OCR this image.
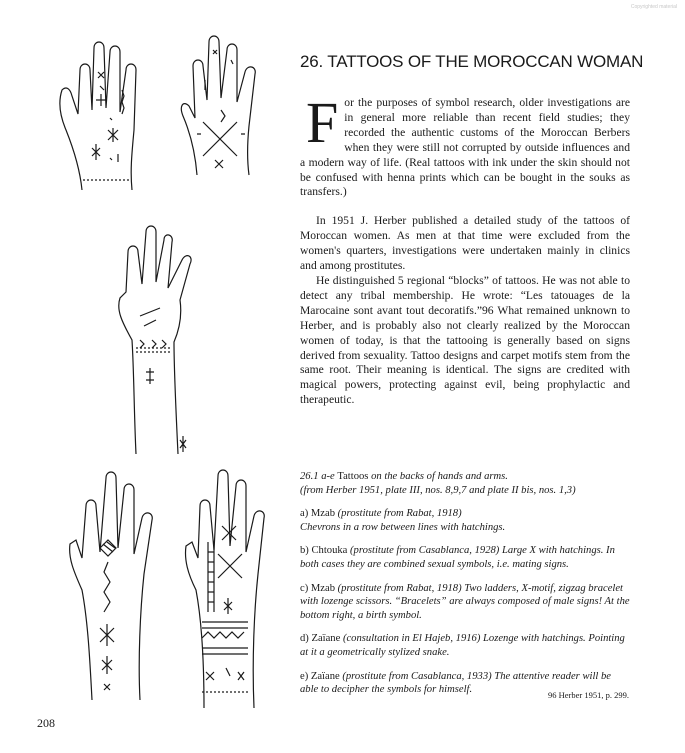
Copyrighted material
26. TATTOOS OF THE MOROCCAN WOMAN

F or the purposes of symbol research, older investigations are in general more reliable than recent field studies; they recorded the authentic customs of the Moroccan Berbers when they were still not corrupted by outside influences and a modern way of life. (Real tattoos with ink under the skin should not be confused with henna prints which can be bought in the souks as transfers.)

In 1951 J. Herber published a detailed study of the tattoos of Moroccan women. As men at that time were excluded from the women's quarters, investigations were undertaken mainly in clinics and among prostitutes.

He distinguished 5 regional “blocks” of tattoos. He was not able to detect any tribal membership. He wrote: “Les tatouages de la Marocaine sont avant tout decoratifs.”96 What remained unknown to Herber, and is probably also not clearly realized by the Moroccan women of today, is that the tattooing is generally based on signs derived from sexuality. Tattoo designs and carpet motifs stem from the same root. Their meaning is identical. The signs are credited with magical powers, protecting against evil, being prophylactic and therapeutic.

26.1 a-e Tattoos on the backs of hands and arms.
(from Herber 1951, plate III, nos. 8,9,7 and plate II bis, nos. 1,3)

a) Mzab (prostitute from Rabat, 1918)
Chevrons in a row between lines with hatchings.

b) Chtouka (prostitute from Casablanca, 1928) Large X with hatchings. In both cases they are combined sexual symbols, i.e. mating signs.

c) Mzab (prostitute from Rabat, 1918) Two ladders, X-motif, zigzag bracelet with lozenge scissors. “Bracelets” are always composed of male signs! At the bottom right, a birth symbol.

d) Zaïane (consultation in El Hajeb, 1916) Lozenge with hatchings. Pointing at it a geometrically stylized snake.

e) Zaïane (prostitute from Casablanca, 1933) The attentive reader will be able to decipher the symbols for himself.	96 Herber 1951, p. 299.
208
